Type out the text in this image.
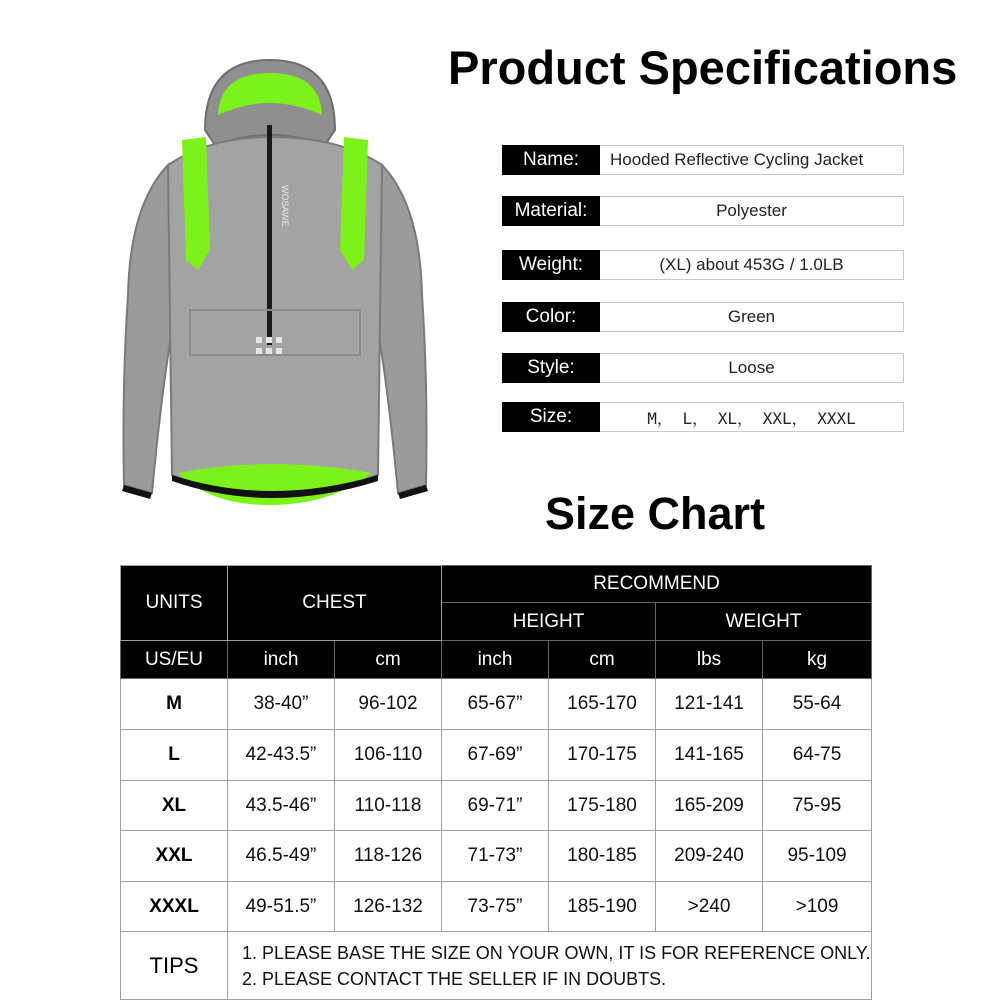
WOSAWE
Product Specifications
Name:	Hooded Reflective Cycling Jacket
Material:	Polyester
Weight:	(XL) about 453G / 1.0LB
Color:	Green
Style:	Loose
Size:	M， L， XL， XXL， XXXL
Size Chart
UNITS	CHEST		RECOMMEND			
			HEIGHT		WEIGHT	
US/EU	inch	cm	inch	cm	lbs	kg
M	38-40”	96-102	65-67”	165-170	121-141	55-64
L	42-43.5”	106-110	67-69”	170-175	141-165	64-75
XL	43.5-46”	110-118	69-71”	175-180	165-209	75-95
XXL	46.5-49”	118-126	71-73”	180-185	209-240	95-109
XXXL	49-51.5”	126-132	73-75”	185-190	>240	>109
TIPS	1. PLEASE BASE THE SIZE ON YOUR OWN, IT IS FOR REFERENCE ONLY.
2. PLEASE CONTACT THE SELLER IF IN DOUBTS.					
